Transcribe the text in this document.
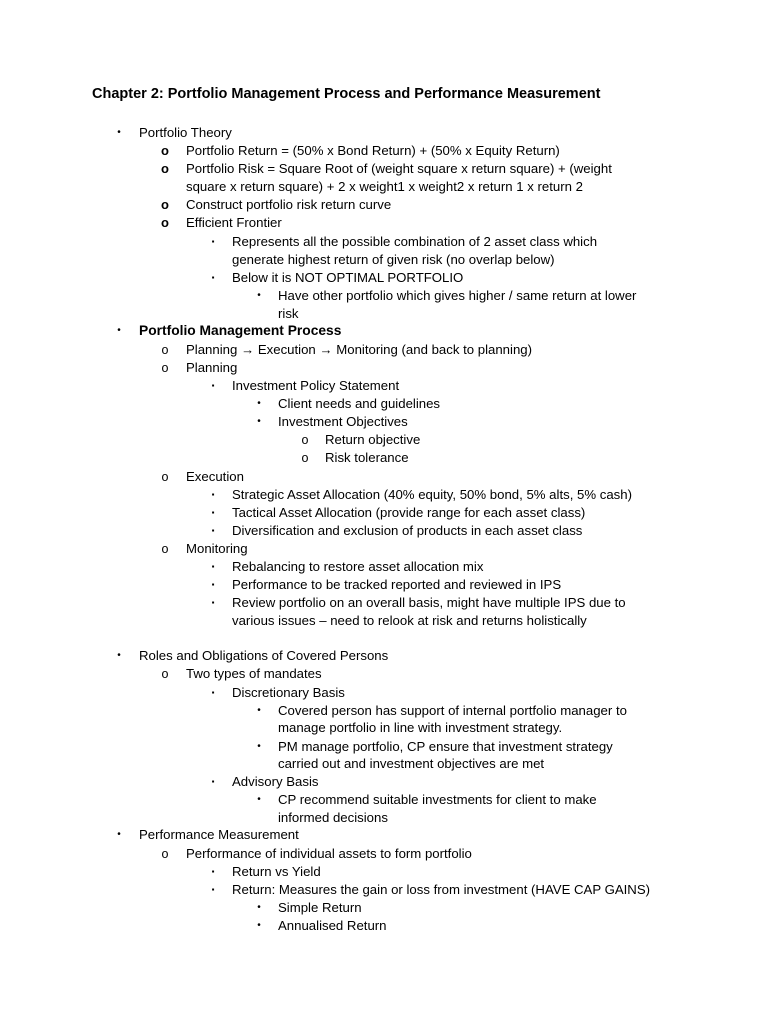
Chapter 2: Portfolio Management Process and Performance Measurement
•	Portfolio Theory
o Portfolio Return = (50% x Bond Return) + (50% x Equity Return)
o Portfolio Risk = Square Root of (weight square x return square) + (weight
square x return square) + 2 x weight1 x weight2 x return 1 x return 2
o Construct portfolio risk return curve
o Efficient Frontier
▪	Represents all the possible combination of 2 asset class which
generate highest return of given risk (no overlap below)
▪	Below it is NOT OPTIMAL PORTFOLIO
•	Have other portfolio which gives higher / same return at lower
risk
•	Portfolio Management Process
o Planning → Execution → Monitoring (and back to planning)
o Planning
▪	Investment Policy Statement
•	Client needs and guidelines
•	Investment Objectives
o Return objective
o Risk tolerance
o Execution
▪	Strategic Asset Allocation (40% equity, 50% bond, 5% alts, 5% cash)
▪	Tactical Asset Allocation (provide range for each asset class)
▪	Diversification and exclusion of products in each asset class
o Monitoring
▪	Rebalancing to restore asset allocation mix
▪	Performance to be tracked reported and reviewed in IPS
▪	Review portfolio on an overall basis, might have multiple IPS due to
various issues – need to relook at risk and returns holistically
•	Roles and Obligations of Covered Persons
o Two types of mandates
▪	Discretionary Basis
•	Covered person has support of internal portfolio manager to
manage portfolio in line with investment strategy.
•	PM manage portfolio, CP ensure that investment strategy
carried out and investment objectives are met
▪	Advisory Basis
•	CP recommend suitable investments for client to make
informed decisions
•	Performance Measurement
o Performance of individual assets to form portfolio
▪	Return vs Yield
▪	Return: Measures the gain or loss from investment (HAVE CAP GAINS)
•	Simple Return
•	Annualised Return
